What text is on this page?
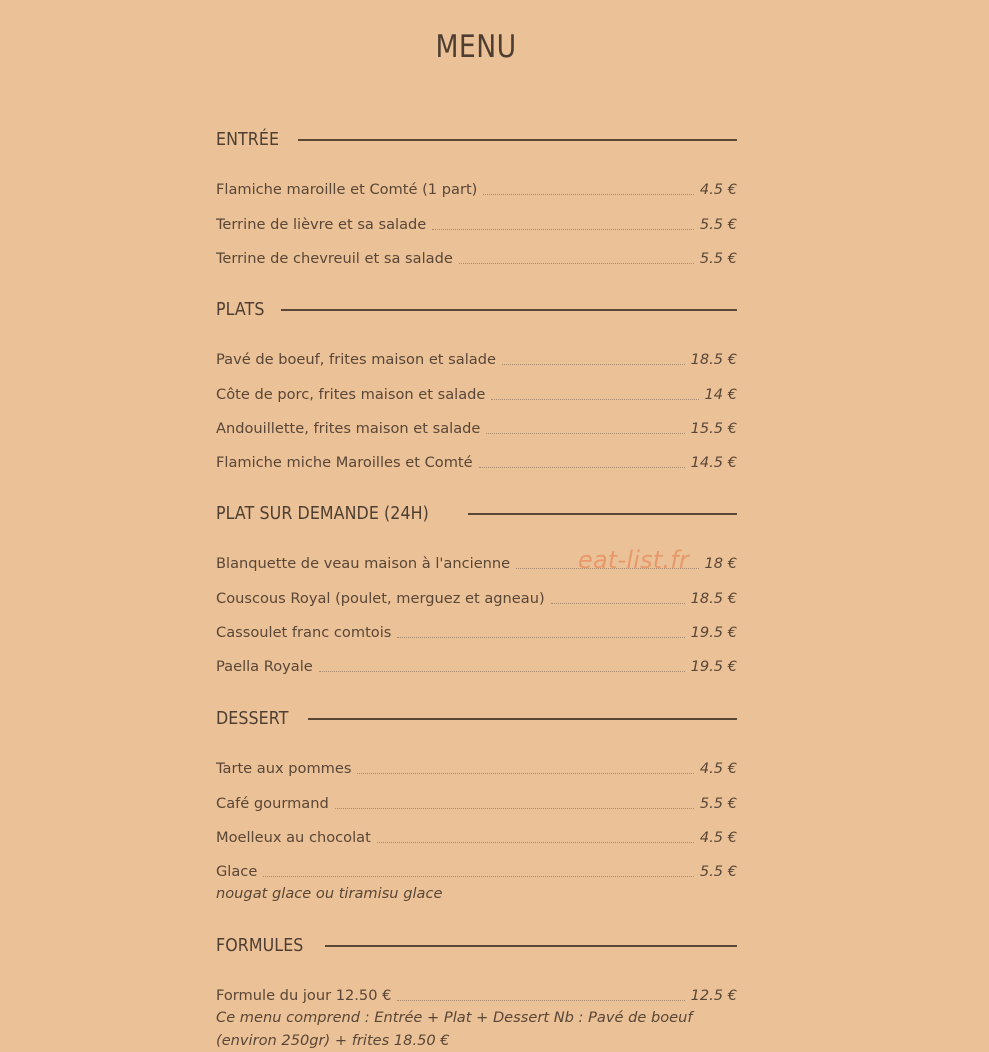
MENU
ENTRÉE
Flamiche maroille et Comté (1 part)	4.5 €
Terrine de lièvre et sa salade	5.5 €
Terrine de chevreuil et sa salade	5.5 €
PLATS
Pavé de boeuf, frites maison et salade	18.5 €
Côte de porc, frites maison et salade	14 €
Andouillette, frites maison et salade	15.5 €
Flamiche miche Maroilles et Comté	14.5 €
PLAT SUR DEMANDE (24H)
Blanquette de veau maison à l'ancienne	18 €
Couscous Royal (poulet, merguez et agneau)	18.5 €
Cassoulet franc comtois	19.5 €
Paella Royale	19.5 €
DESSERT
Tarte aux pommes	4.5 €
Café gourmand	5.5 €
Moelleux au chocolat	4.5 €
Glace	5.5 €
nougat glace ou tiramisu glace
FORMULES
Formule du jour 12.50 €	12.5 €
Ce menu comprend : Entrée + Plat + Dessert Nb : Pavé de boeuf (environ 250gr) + frites 18.50 €
eat-list.fr
